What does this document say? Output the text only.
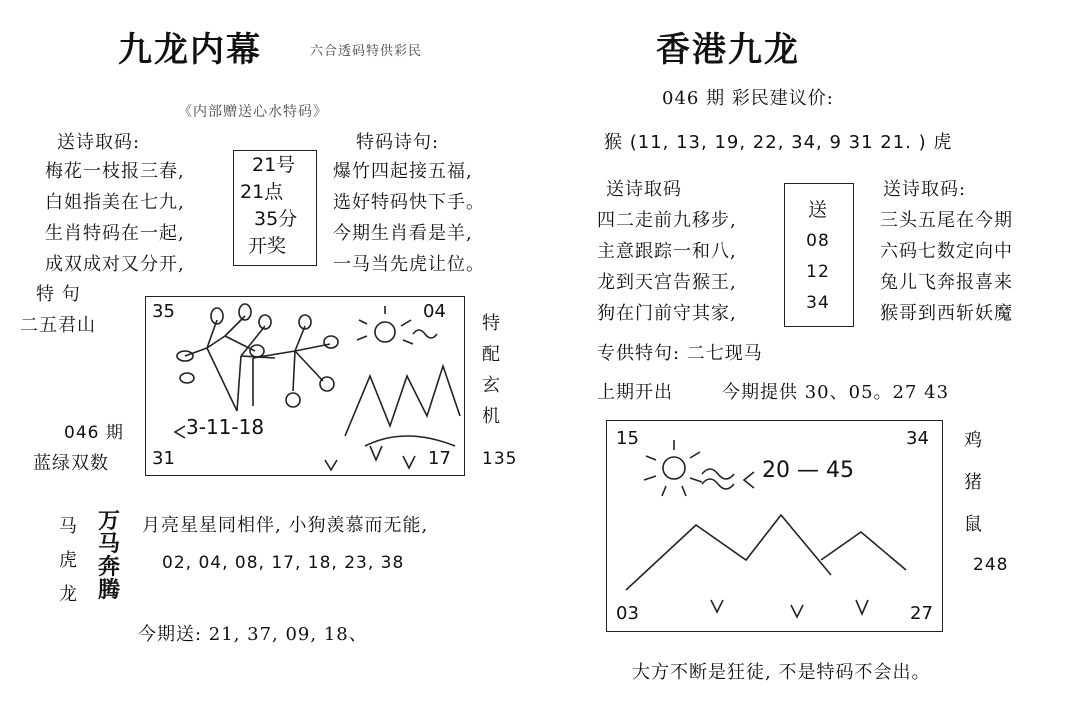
九龙内幕	六合透码特供彩民
《内部赠送心水特码》
送诗取码:	特码诗句:
梅花一枝报三春,
白姐指美在七九,
生肖特码在一起,
成双成对又分开,
21号
21点
35分
开奖
爆竹四起接五福,
选好特码快下手。
今期生肖看是羊,
一马当先虎让位。
特 句
二五君山
046 期
蓝绿双数
35	04
31	17
3-11-18
特
配
玄
机
135
马
虎
龙
万
马
奔
腾
月亮星星同相伴, 小狗羡慕而无能,
02, 04, 08, 17, 18, 23, 38
今期送: 21, 37, 09, 18、
香港九龙
046 期 彩民建议价:
猴 (11, 13, 19, 22, 34, 9 31 21. ) 虎
送诗取码	送诗取码:
四二走前九移步,
主意跟踪一和八,
龙到天宫告猴王,
狗在门前守其家,
送
08
12
34
三头五尾在今期
六码七数定向中
兔儿飞奔报喜来
猴哥到西斩妖魔
专供特句: 二七现马
上期开出	今期提供 30、05。27 43
15	34
03	27
20 — 45
鸡
猪
鼠
248
大方不断是狂徒, 不是特码不会出。
